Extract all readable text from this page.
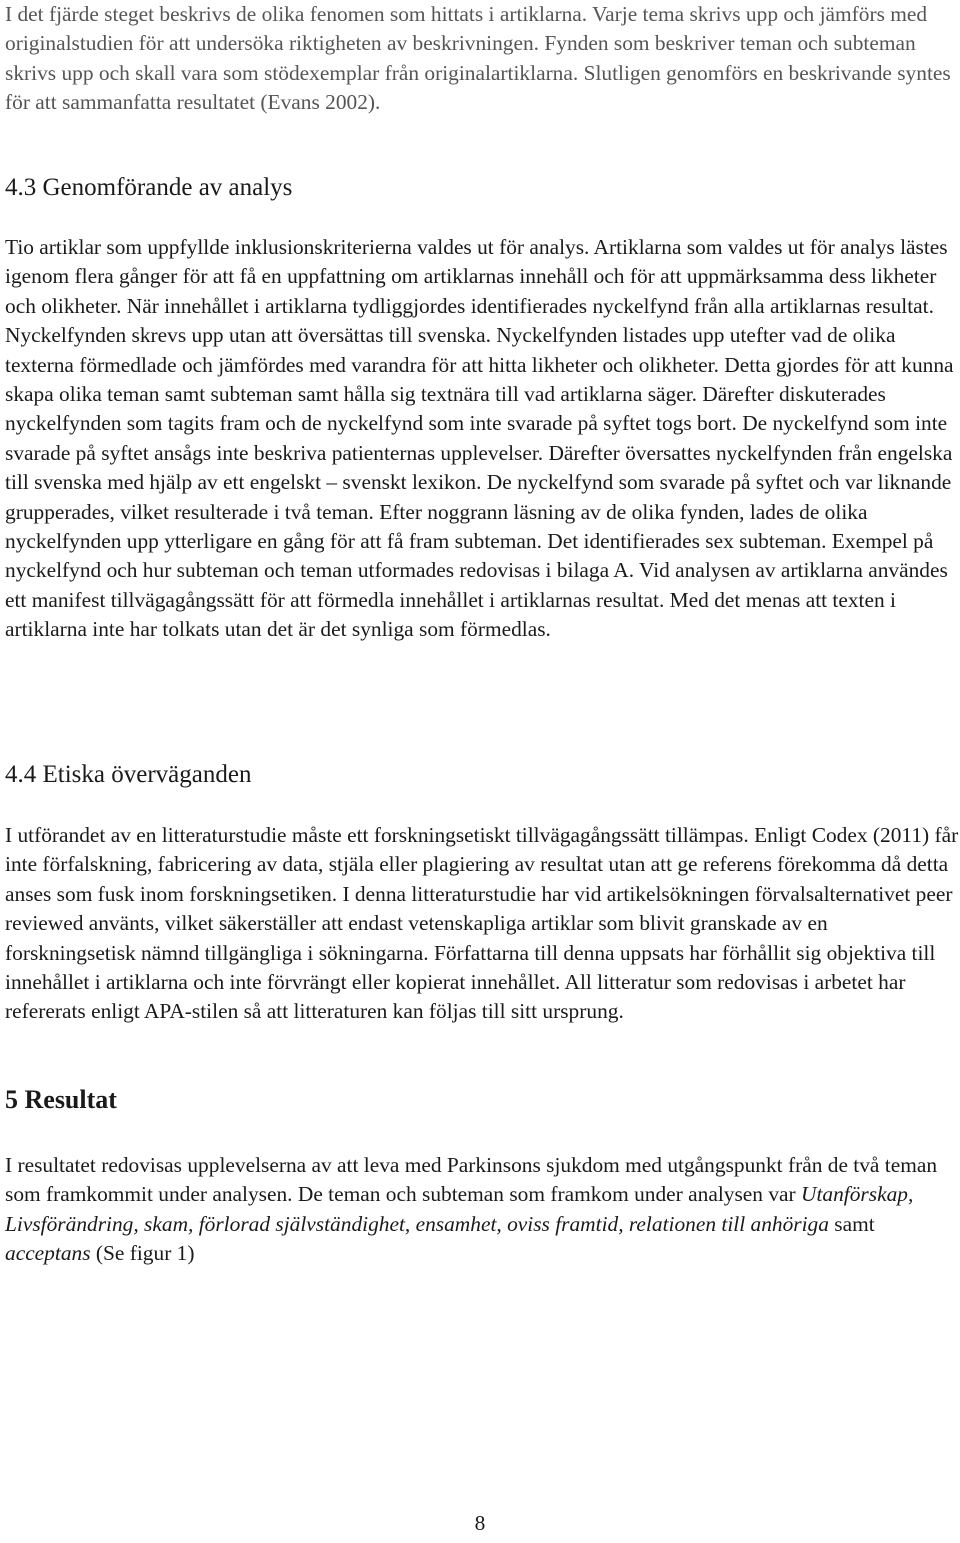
I det fjärde steget beskrivs de olika fenomen som hittats i artiklarna. Varje tema skrivs upp och jämförs med originalstudien för att undersöka riktigheten av beskrivningen. Fynden som beskriver teman och subteman skrivs upp och skall vara som stödexemplar från originalartiklarna. Slutligen genomförs en beskrivande syntes för att sammanfatta resultatet (Evans 2002).

4.3 Genomförande av analys

Tio artiklar som uppfyllde inklusionskriterierna valdes ut för analys. Artiklarna som valdes ut för analys lästes igenom flera gånger för att få en uppfattning om artiklarnas innehåll och för att uppmärksamma dess likheter och olikheter. När innehållet i artiklarna tydliggjordes identifierades nyckelfynd från alla artiklarnas resultat. Nyckelfynden skrevs upp utan att översättas till svenska. Nyckelfynden listades upp utefter vad de olika texterna förmedlade och jämfördes med varandra för att hitta likheter och olikheter. Detta gjordes för att kunna skapa olika teman samt subteman samt hålla sig textnära till vad artiklarna säger. Därefter diskuterades nyckelfynden som tagits fram och de nyckelfynd som inte svarade på syftet togs bort. De nyckelfynd som inte svarade på syftet ansågs inte beskriva patienternas upplevelser. Därefter översattes nyckelfynden från engelska till svenska med hjälp av ett engelskt – svenskt lexikon. De nyckelfynd som svarade på syftet och var liknande grupperades, vilket resulterade i två teman. Efter noggrann läsning av de olika fynden, lades de olika nyckelfynden upp ytterligare en gång för att få fram subteman. Det identifierades sex subteman. Exempel på nyckelfynd och hur subteman och teman utformades redovisas i bilaga A. Vid analysen av artiklarna användes ett manifest tillvägagångssätt för att förmedla innehållet i artiklarnas resultat. Med det menas att texten i artiklarna inte har tolkats utan det är det synliga som förmedlas.

4.4 Etiska överväganden

I utförandet av en litteraturstudie måste ett forskningsetiskt tillvägagångssätt tillämpas. Enligt Codex (2011) får inte förfalskning, fabricering av data, stjäla eller plagiering av resultat utan att ge referens förekomma då detta anses som fusk inom forskningsetiken. I denna litteraturstudie har vid artikelsökningen förvalsalternativet peer reviewed använts, vilket säkerställer att endast vetenskapliga artiklar som blivit granskade av en forskningsetisk nämnd tillgängliga i sökningarna. Författarna till denna uppsats har förhållit sig objektiva till innehållet i artiklarna och inte förvrängt eller kopierat innehållet. All litteratur som redovisas i arbetet har refererats enligt APA-stilen så att litteraturen kan följas till sitt ursprung.

5 Resultat

I resultatet redovisas upplevelserna av att leva med Parkinsons sjukdom med utgångspunkt från de två teman som framkommit under analysen. De teman och subteman som framkom under analysen var Utanförskap, Livsförändring, skam, förlorad självständighet, ensamhet, oviss framtid, relationen till anhöriga samt acceptans (Se figur 1)

8
